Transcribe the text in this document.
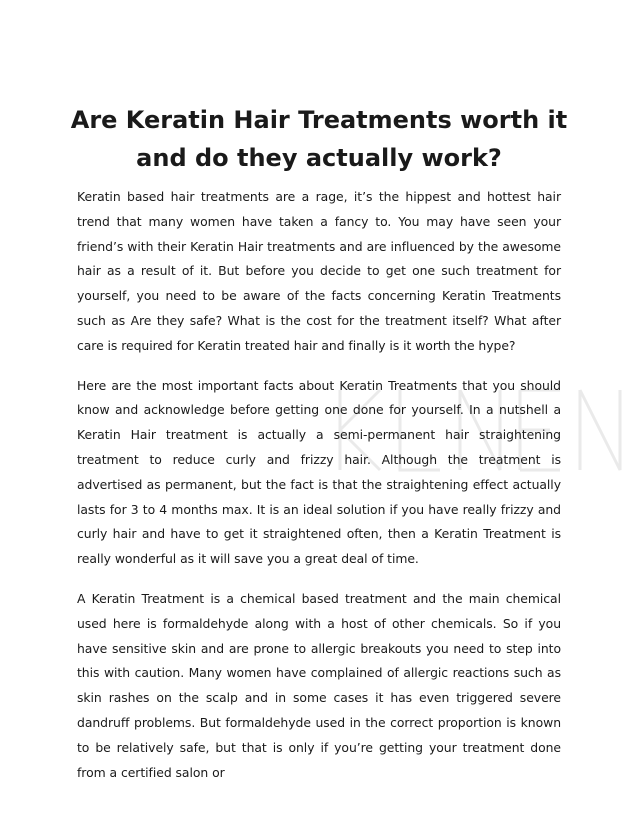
Are Keratin Hair Treatments worth it
and do they actually work?

Keratin based hair treatments are a rage, it’s the hippest and hottest hair trend that many women have taken a fancy to. You may have seen your friend’s with their Keratin Hair treatments and are influenced by the awesome hair as a result of it. But before you decide to get one such treatment for yourself, you need to be aware of the facts concerning Keratin Treatments such as Are they safe? What is the cost for the treatment itself? What after care is required for Keratin treated hair and finally is it worth the hype?

Here are the most important facts about Keratin Treatments that you should know and acknowledge before getting one done for yourself. In a nutshell a Keratin Hair treatment is actually a semi-permanent hair straightening treatment to reduce curly and frizzy hair. Although the treatment is advertised as permanent, but the fact is that the straightening effect actually lasts for 3 to 4 months max. It is an ideal solution if you have really frizzy and curly hair and have to get it straightened often, then a Keratin Treatment is really wonderful as it will save you a great deal of time.

A Keratin Treatment is a chemical based treatment and the main chemical used here is formaldehyde along with a host of other chemicals. So if you have sensitive skin and are prone to allergic breakouts you need to step into this with caution. Many women have complained of allergic reactions such as skin rashes on the scalp and in some cases it has even triggered severe dandruff problems. But formaldehyde used in the correct proportion is known to be relatively safe, but that is only if you’re getting your treatment done from a certified salon or
